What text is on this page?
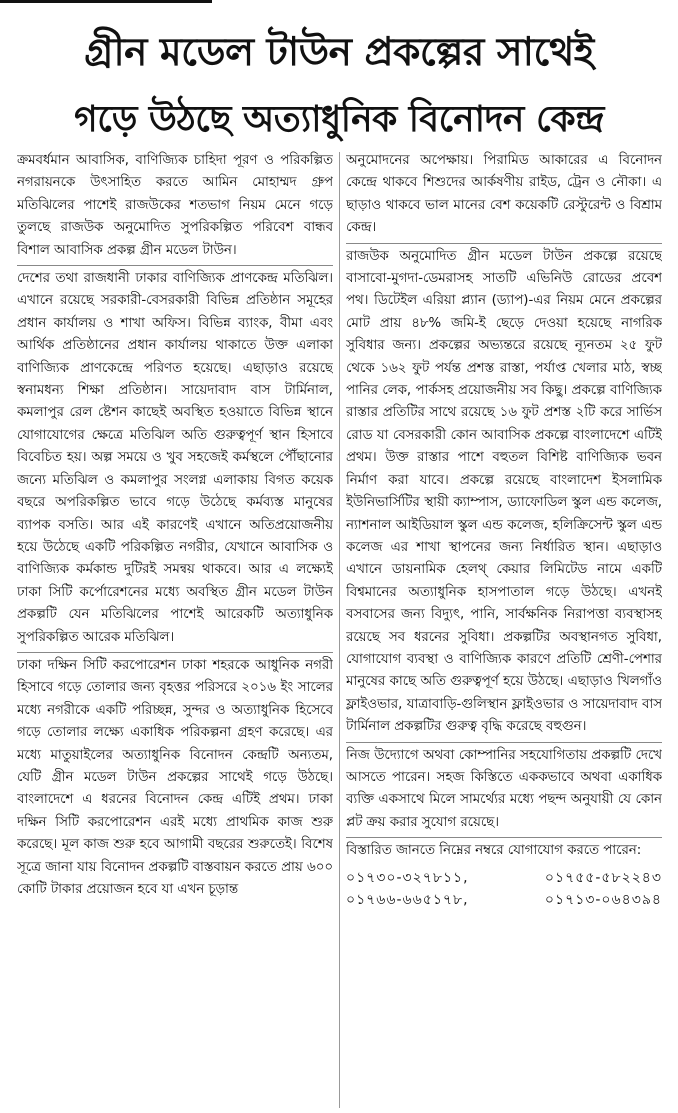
গ্রীন মডেল টাউন প্রকল্পের সাথেই
গড়ে উঠছে অত্যাধুনিক বিনোদন কেন্দ্র

ক্রমবর্ধমান আবাসিক, বাণিজ্যিক চাহিদা পূরণ ও পরিকল্পিত নগরায়নকে উৎসাহিত করতে আমিন মোহাম্মদ গ্রুপ মতিঝিলের পাশেই রাজউকের শতভাগ নিয়ম মেনে গড়ে তুলছে রাজউক অনুমোদিত সুপরিকল্পিত পরিবেশ বান্ধব বিশাল আবাসিক প্রকল্প গ্রীন মডেল টাউন।

দেশের তথা রাজধানী ঢাকার বাণিজ্যিক প্রাণকেন্দ্র মতিঝিল। এখানে রয়েছে সরকারী-বেসরকারী বিভিন্ন প্রতিষ্ঠান সমূহের প্রধান কার্যালয় ও শাখা অফিস। বিভিন্ন ব্যাংক, বীমা এবং আর্থিক প্রতিষ্ঠানের প্রধান কার্যালয় থাকাতে উক্ত এলাকা বাণিজ্যিক প্রাণকেন্দ্রে পরিণত হয়েছে। এছাড়াও রয়েছে স্বনামধন্য শিক্ষা প্রতিষ্ঠান। সায়েদাবাদ বাস টার্মিনাল, কমলাপুর রেল ষ্টেশন কাছেই অবস্থিত হওয়াতে বিভিন্ন স্থানে যোগাযোগের ক্ষেত্রে মতিঝিল অতি গুরুত্বপূর্ণ স্থান হিসাবে বিবেচিত হয়। অল্প সময়ে ও খুব সহজেই কর্মস্থলে পৌঁছানোর জন্যে মতিঝিল ও কমলাপুর সংলগ্ন এলাকায় বিগত কয়েক বছরে অপরিকল্পিত ভাবে গড়ে উঠেছে কর্মব্যস্ত মানুষের ব্যাপক বসতি। আর এই কারণেই এখানে অতিপ্রয়োজনীয় হয়ে উঠেছে একটি পরিকল্পিত নগরীর, যেখানে আবাসিক ও বাণিজ্যিক কর্মকান্ড দুটিরই সমন্বয় থাকবে। আর এ লক্ষ্যেই ঢাকা সিটি কর্পোরেশনের মধ্যে অবস্থিত গ্রীন মডেল টাউন প্রকল্পটি যেন মতিঝিলের পাশেই আরেকটি অত্যাধুনিক সুপরিকল্পিত আরেক মতিঝিল।

ঢাকা দক্ষিন সিটি করপোরেশন ঢাকা শহরকে আধুনিক নগরী হিসাবে গড়ে তোলার জন্য বৃহত্তর পরিসরে ২০১৬ ইং সালের মধ্যে নগরীকে একটি পরিচ্ছন্ন, সুন্দর ও অত্যাধুনিক হিসেবে গড়ে তোলার লক্ষ্যে একাধিক পরিকল্পনা গ্রহণ করেছে। এর মধ্যে মাতুয়াইলের অত্যাধুনিক বিনোদন কেন্দ্রটি অন্যতম, যেটি গ্রীন মডেল টাউন প্রকল্পের সাথেই গড়ে উঠছে। বাংলাদেশে এ ধরনের বিনোদন কেন্দ্র এটিই প্রথম। ঢাকা দক্ষিন সিটি করপোরেশন এরই মধ্যে প্রাথমিক কাজ শুরু করেছে। মূল কাজ শুরু হবে আগামী বছরের শুরুতেই। বিশেষ সূত্রে জানা যায় বিনোদন প্রকল্পটি বাস্তবায়ন করতে প্রায় ৬০০ কোটি টাকার প্রয়োজন হবে যা এখন চূড়ান্ত

অনুমোদনের অপেক্ষায়। পিরামিড আকারের এ বিনোদন কেন্দ্রে থাকবে শিশুদের আর্কষণীয় রাইড, ট্রেন ও নৌকা। এ ছাড়াও থাকবে ভাল মানের বেশ কয়েকটি রেস্টুরেন্ট ও বিশ্রাম কেন্দ্র।

রাজউক অনুমোদিত গ্রীন মডেল টাউন প্রকল্পে রয়েছে বাসাবো-মুগদা-ডেমরাসহ সাতটি এভিনিউ রোডের প্রবেশ পথ। ডিটেইল এরিয়া প্ল্যান (ড্যাপ)-এর নিয়ম মেনে প্রকল্পের মোট প্রায় ৪৮% জমি-ই ছেড়ে দেওয়া হয়েছে নাগরিক সুবিধার জন্য। প্রকল্পের অভ্যন্তরে রয়েছে ন্যূনতম ২৫ ফুট থেকে ১৬২ ফুট পর্যন্ত প্রশস্ত রাস্তা, পর্যাপ্ত খেলার মাঠ, স্বচ্ছ পানির লেক, পার্কসহ প্রয়োজনীয় সব কিছু। প্রকল্পে বাণিজ্যিক রাস্তার প্রতিটির সাথে রয়েছে ১৬ ফুট প্রশস্ত ২টি করে সার্ভিস রোড যা বেসরকারী কোন আবাসিক প্রকল্পে বাংলাদেশে এটিই প্রথম। উক্ত রাস্তার পাশে বহুতল বিশিষ্ট বাণিজ্যিক ভবন নির্মাণ করা যাবে। প্রকল্পে রয়েছে বাংলাদেশ ইসলামিক ইউনিভার্সিটির স্থায়ী ক্যাম্পাস, ড্যাফোডিল স্কুল এন্ড কলেজ, ন্যাশনাল আইডিয়াল স্কুল এন্ড কলেজ, হলিক্রিসেন্ট স্কুল এন্ড কলেজ এর শাখা স্থাপনের জন্য নির্ধারিত স্থান। এছাড়াও এখানে ডায়নামিক হেলথ্ কেয়ার লিমিটেড নামে একটি বিশ্বমানের অত্যাধুনিক হাসপাতাল গড়ে উঠছে। এখনই বসবাসের জন্য বিদ্যুৎ, পানি, সার্বক্ষনিক নিরাপত্তা ব্যবস্থাসহ রয়েছে সব ধরনের সুবিধা। প্রকল্পটির অবস্থানগত সুবিধা, যোগাযোগ ব্যবস্থা ও বাণিজ্যিক কারণে প্রতিটি শ্রেণী-পেশার মানুষের কাছে অতি গুরুত্বপূর্ণ হয়ে উঠছে। এছাড়াও খিলগাঁও ফ্লাইওভার, যাত্রাবাড়ি-গুলিস্থান ফ্লাইওভার ও সায়েদাবাদ বাস টার্মিনাল প্রকল্পটির গুরুত্ব বৃদ্ধি করেছে বহুগুন।

নিজ উদ্যোগে অথবা কোম্পানির সহযোগিতায় প্রকল্পটি দেখে আসতে পারেন। সহজ কিস্তিতে এককভাবে অথবা একাধিক ব্যক্তি একসাথে মিলে সামর্থ্যের মধ্যে পছন্দ অনুযায়ী যে কোন প্লট ক্রয় করার সুযোগ রয়েছে।

বিস্তারিত জানতে নিম্নের নম্বরে যোগাযোগ করতে পারেন:

০১৭৩০-৩২৭৮১১,	০১৭৫৫-৫৮২২৪৩
০১৭৬৬-৬৬৫১৭৮,	০১৭১৩-০৬৪৩৯৪
